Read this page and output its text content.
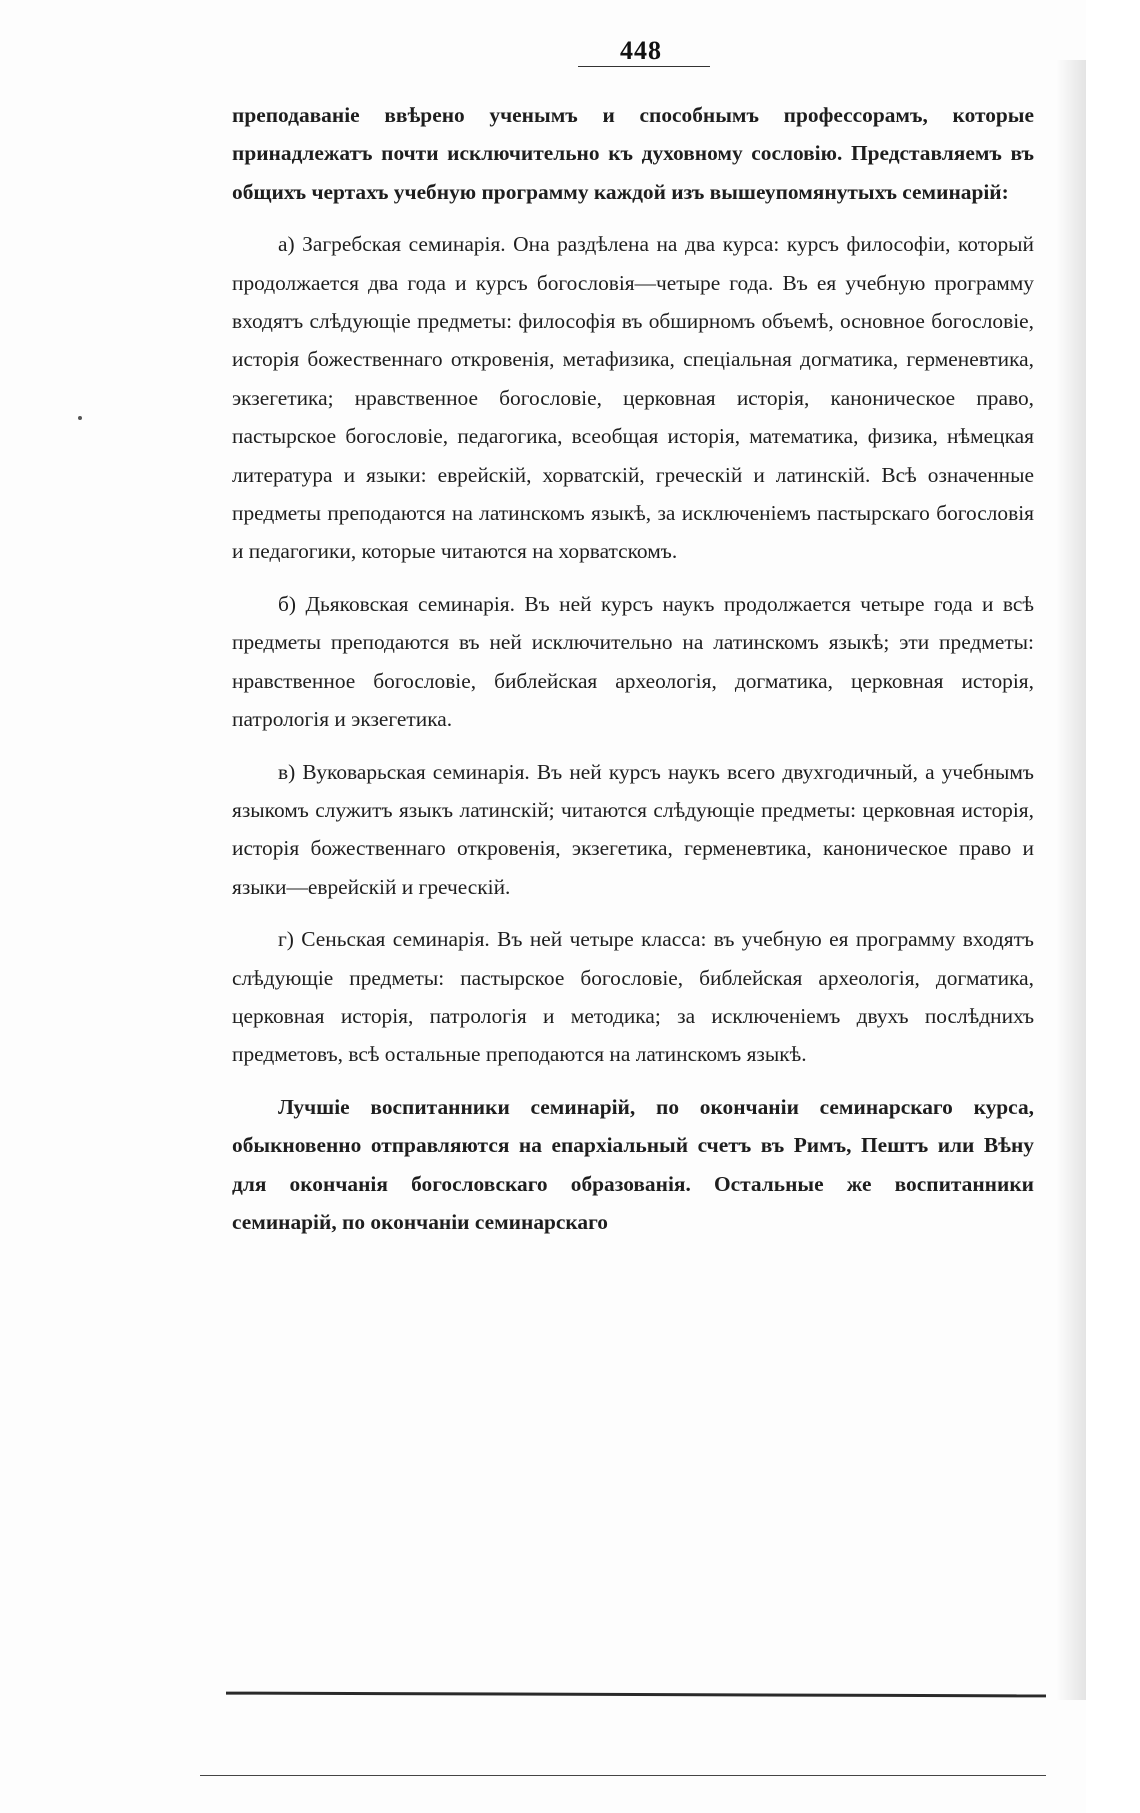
448

преподаваніе ввѣрено ученымъ и способнымъ профессорамъ, которые принадлежатъ почти исключительно къ духовному сословію. Представляемъ въ общихъ чертахъ учебную программу каждой изъ вышеупомянутыхъ семинарій:

а) Загребская семинарія. Она раздѣлена на два курса: курсъ философіи, который продолжается два года и курсъ богословія—четыре года. Въ ея учебную программу входятъ слѣдующіе предметы: философія въ обширномъ объемѣ, основное богословіе, исторія божественнаго откровенія, метафизика, спеціальная догматика, герменевтика, экзегетика; нравственное богословіе, церковная исторія, каноническое право, пастырское богословіе, педагогика, всеобщая исторія, математика, физика, нѣмецкая литература и языки: еврейскій, хорватскій, греческій и латинскій. Всѣ означенные предметы преподаются на латинскомъ языкѣ, за исключеніемъ пастырскаго богословія и педагогики, которые читаются на хорватскомъ.

б) Дьяковская семинарія. Въ ней курсъ наукъ продолжается четыре года и всѣ предметы преподаются въ ней исключительно на латинскомъ языкѣ; эти предметы: нравственное богословіе, библейская археологія, догматика, церковная исторія, патрологія и экзегетика.

в) Вуковарьская семинарія. Въ ней курсъ наукъ всего двухгодичный, а учебнымъ языкомъ служитъ языкъ латинскій; читаются слѣдующіе предметы: церковная исторія, исторія божественнаго откровенія, экзегетика, герменевтика, каноническое право и языки—еврейскій и греческій.

г) Сеньская семинарія. Въ ней четыре класса: въ учебную ея программу входятъ слѣдующіе предметы: пастырское богословіе, библейская археологія, догматика, церковная исторія, патрологія и методика; за исключеніемъ двухъ послѣднихъ предметовъ, всѣ остальные преподаются на латинскомъ языкѣ.

Лучшіе воспитанники семинарій, по окончаніи семинарскаго курса, обыкновенно отправляются на епархіальный счетъ въ Римъ, Пештъ или Вѣну для окончанія богословскаго образованія. Остальные же воспитанники семинарій, по окончаніи семинарскаго
